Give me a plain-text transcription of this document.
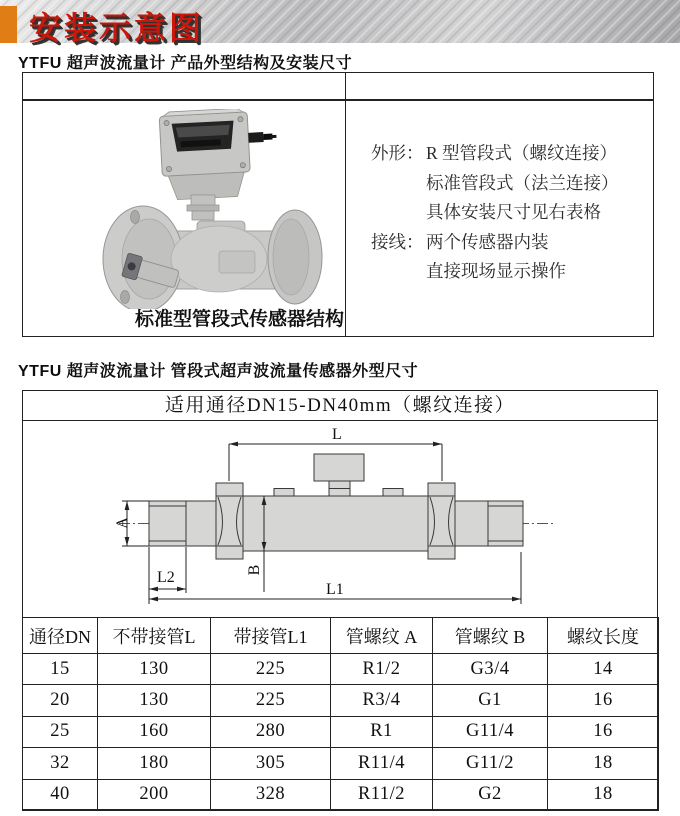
安装示意图
YTFU 超声波流量计 产品外型结构及安装尺寸
标准型管段式传感器结构
外形： R 型管段式（螺纹连接）
标准管段式（法兰连接）
具体安装尺寸见右表格
接线： 两个传感器内装
直接现场显示操作
YTFU 超声波流量计 管段式超声波流量传感器外型尺寸
适用通径DN15-DN40mm（螺纹连接）
L
A
L2	B
L1
通径DN	不带接管L	带接管L1	管螺纹 A	管螺纹 B	螺纹长度
15	130	225	R1/2	G3/4	14
20	130	225	R3/4	G1	16
25	160	280	R1	G11/4	16
32	180	305	R11/4	G11/2	18
40	200	328	R11/2	G2	18
